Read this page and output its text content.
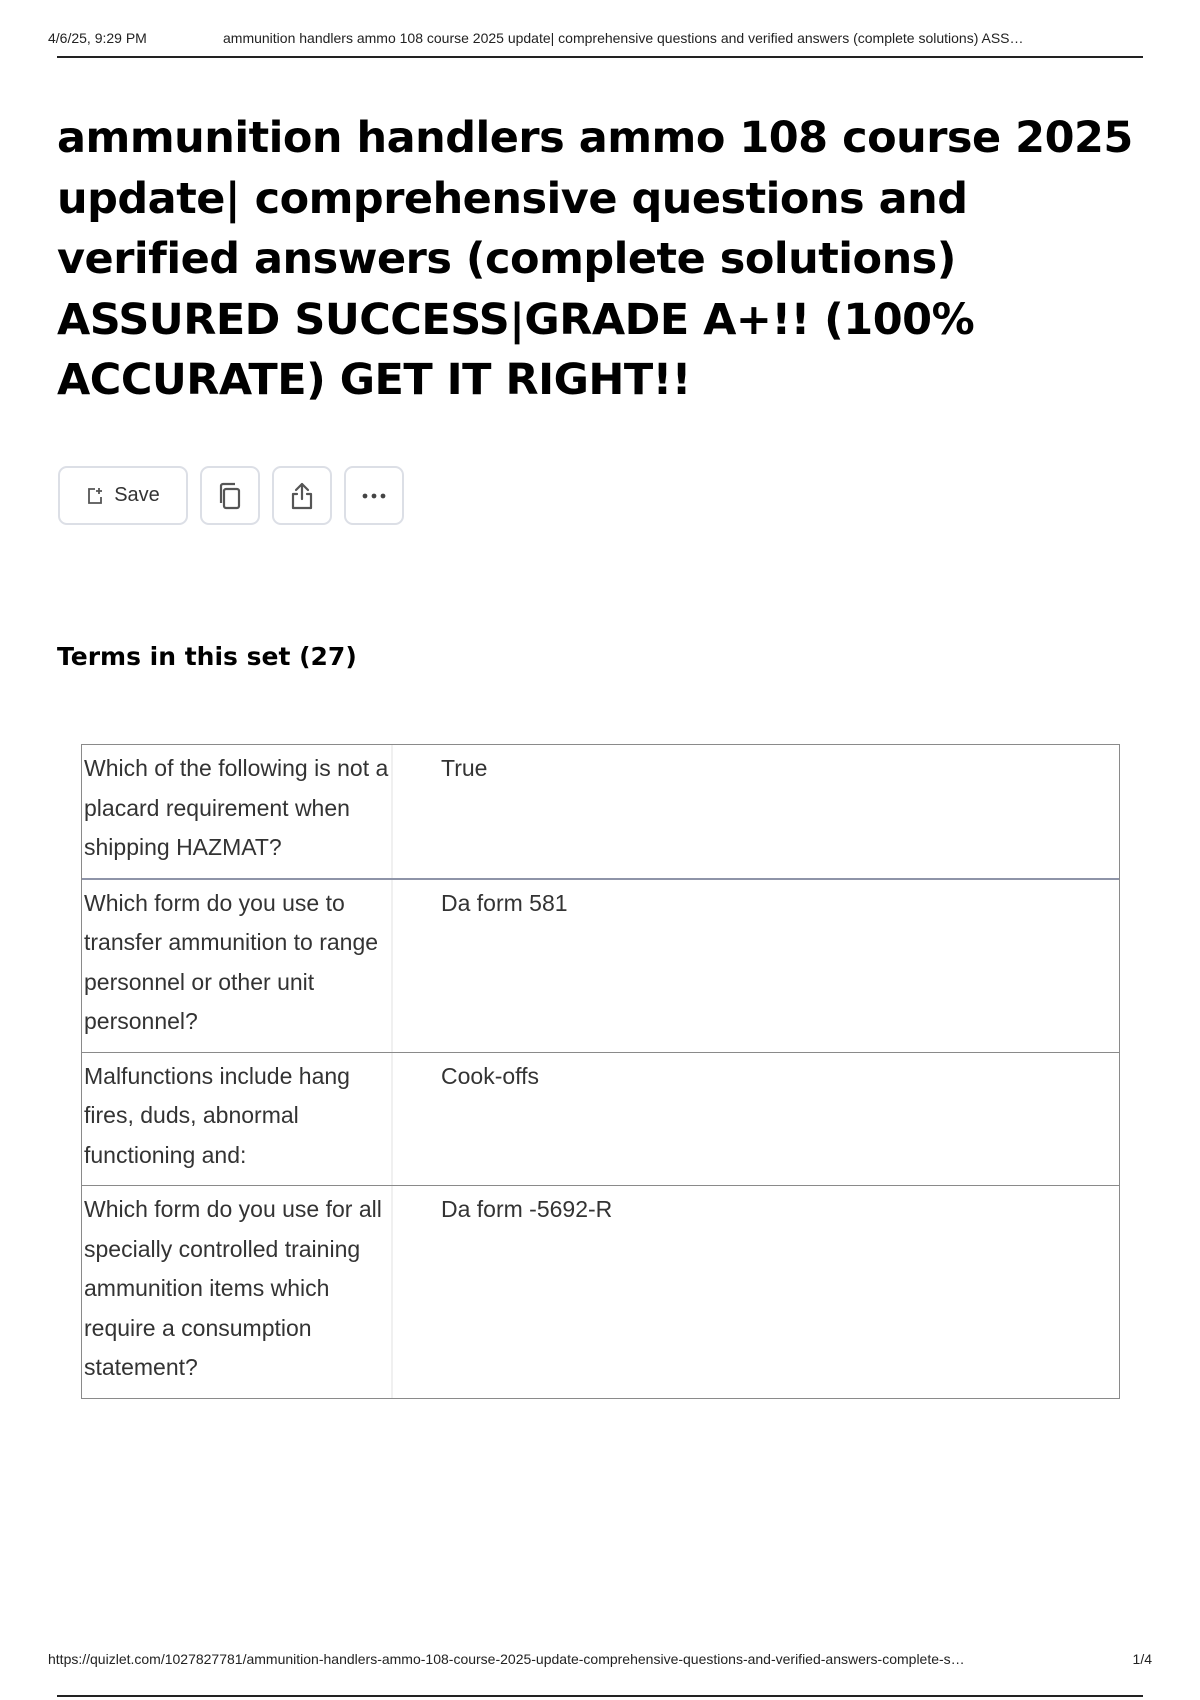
4/6/25, 9:29 PM	ammunition handlers ammo 108 course 2025 update| comprehensive questions and verified answers (complete solutions) ASS…
ammunition handlers ammo 108 course 2025 update| comprehensive questions and verified answers (complete solutions) ASSURED SUCCESS|GRADE A+!! (100% ACCURATE) GET IT RIGHT!!
Save
Terms in this set (27)
Which of the following is not a placard requirement when shipping HAZMAT?
True
Which form do you use to transfer ammunition to range personnel or other unit personnel?
Da form 581
Malfunctions include hang fires, duds, abnormal functioning and:
Cook-offs
Which form do you use for all specially controlled training ammunition items which require a consumption statement?
Da form -5692-R
https://quizlet.com/1027827781/ammunition-handlers-ammo-108-course-2025-update-comprehensive-questions-and-verified-answers-complete-s…	1/4
